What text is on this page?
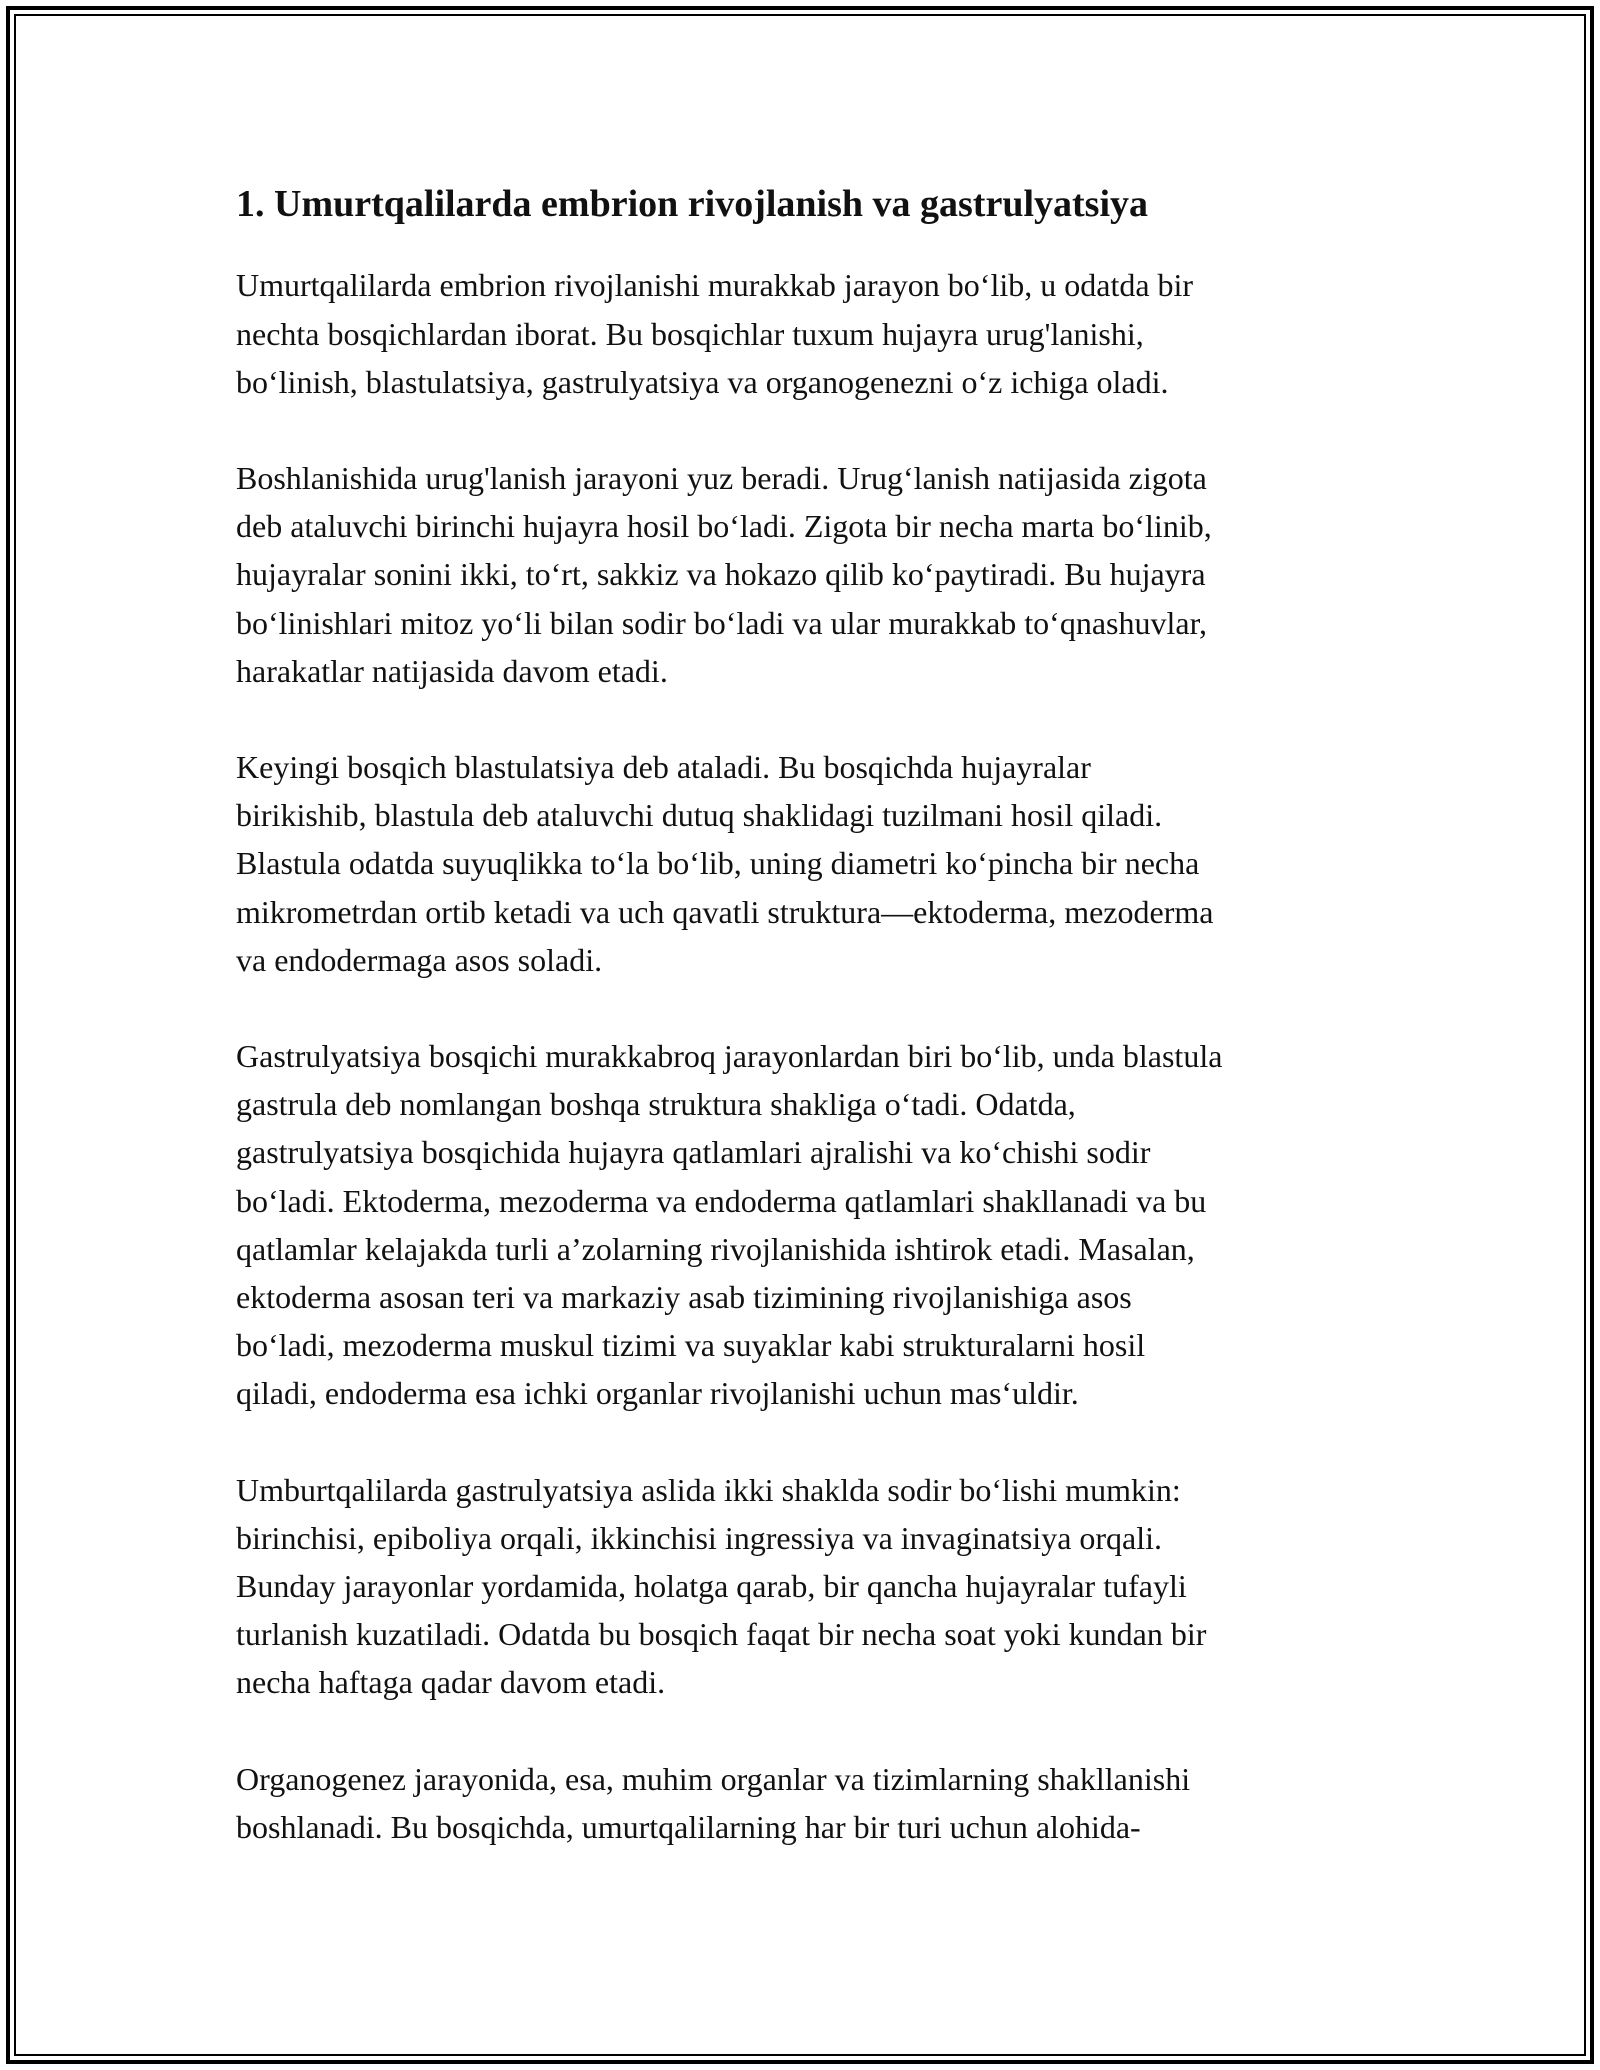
1. Umurtqalilarda embrion rivojlanish va gastrulyatsiya

Umurtqalilarda embrion rivojlanishi murakkab jarayon bo‘lib, u odatda bir
nechta bosqichlardan iborat. Bu bosqichlar tuxum hujayra urug'lanishi,
bo‘linish, blastulatsiya, gastrulyatsiya va organogenezni o‘z ichiga oladi.

Boshlanishida urug'lanish jarayoni yuz beradi. Urug‘lanish natijasida zigota
deb ataluvchi birinchi hujayra hosil bo‘ladi. Zigota bir necha marta bo‘linib,
hujayralar sonini ikki, to‘rt, sakkiz va hokazo qilib ko‘paytiradi. Bu hujayra
bo‘linishlari mitoz yo‘li bilan sodir bo‘ladi va ular murakkab to‘qnashuvlar,
harakatlar natijasida davom etadi.

Keyingi bosqich blastulatsiya deb ataladi. Bu bosqichda hujayralar
birikishib, blastula deb ataluvchi dutuq shaklidagi tuzilmani hosil qiladi.
Blastula odatda suyuqlikka to‘la bo‘lib, uning diametri ko‘pincha bir necha
mikrometrdan ortib ketadi va uch qavatli struktura—ektoderma, mezoderma
va endodermaga asos soladi.

Gastrulyatsiya bosqichi murakkabroq jarayonlardan biri bo‘lib, unda blastula
gastrula deb nomlangan boshqa struktura shakliga o‘tadi. Odatda,
gastrulyatsiya bosqichida hujayra qatlamlari ajralishi va ko‘chishi sodir
bo‘ladi. Ektoderma, mezoderma va endoderma qatlamlari shakllanadi va bu
qatlamlar kelajakda turli a’zolarning rivojlanishida ishtirok etadi. Masalan,
ektoderma asosan teri va markaziy asab tizimining rivojlanishiga asos
bo‘ladi, mezoderma muskul tizimi va suyaklar kabi strukturalarni hosil
qiladi, endoderma esa ichki organlar rivojlanishi uchun mas‘uldir.

Umburtqalilarda gastrulyatsiya aslida ikki shaklda sodir bo‘lishi mumkin:
birinchisi, epiboliya orqali, ikkinchisi ingressiya va invaginatsiya orqali.
Bunday jarayonlar yordamida, holatga qarab, bir qancha hujayralar tufayli
turlanish kuzatiladi. Odatda bu bosqich faqat bir necha soat yoki kundan bir
necha haftaga qadar davom etadi.

Organogenez jarayonida, esa, muhim organlar va tizimlarning shakllanishi
boshlanadi. Bu bosqichda, umurtqalilarning har bir turi uchun alohida-
